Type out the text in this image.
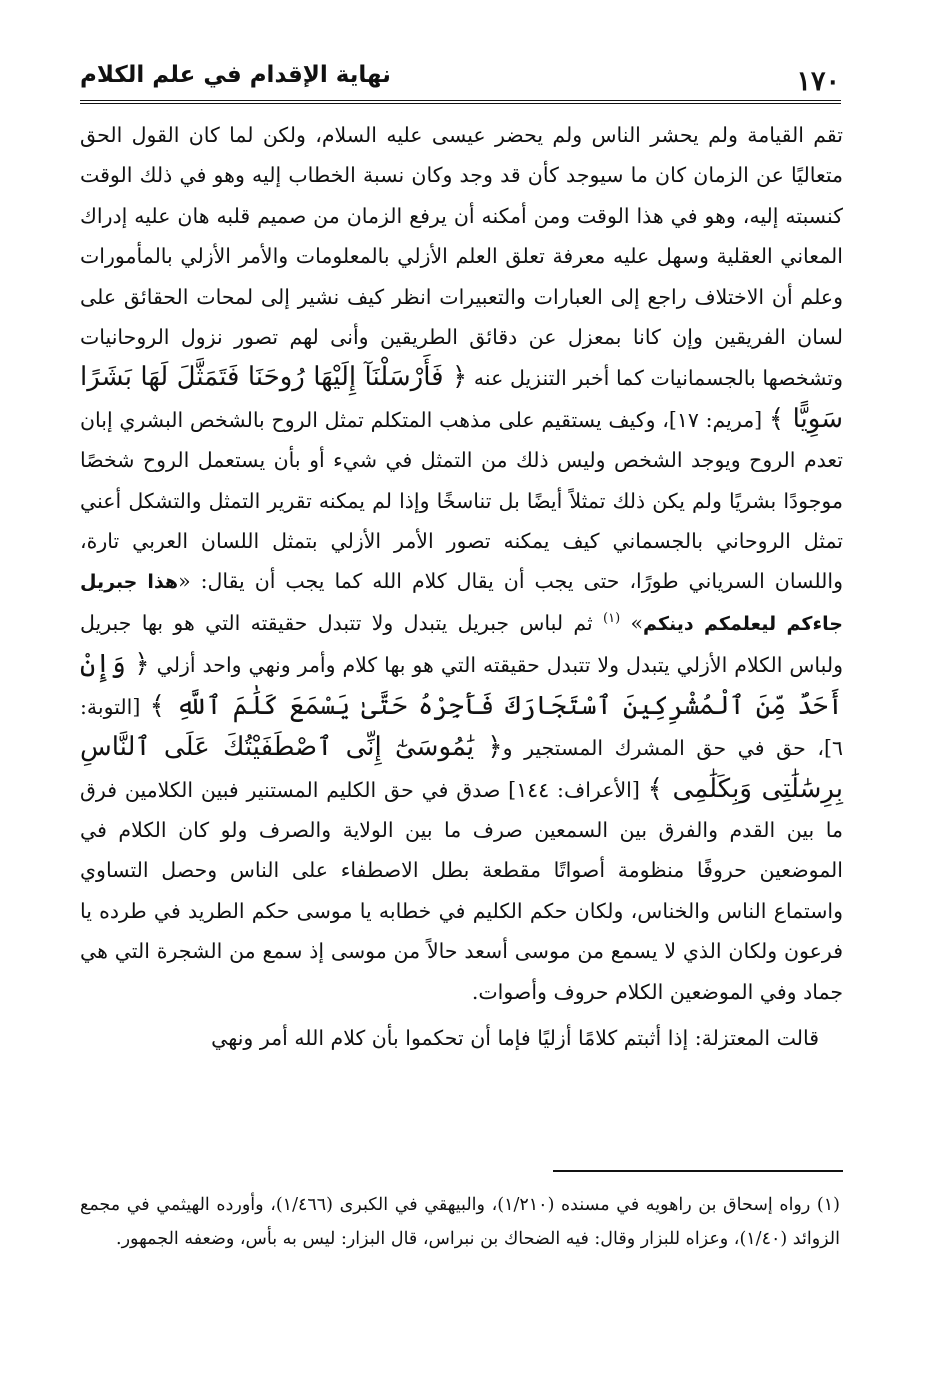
١٧٠
نهاية الإقدام في علم الكلام

تقم القيامة ولم يحشر الناس ولم يحضر عيسى عليه السلام، ولكن لما كان القول الحق متعاليًا عن الزمان كان ما سيوجد كأن قد وجد وكان نسبة الخطاب إليه وهو في ذلك الوقت كنسبته إليه، وهو في هذا الوقت ومن أمكنه أن يرفع الزمان من صميم قلبه هان عليه إدراك المعاني العقلية وسهل عليه معرفة تعلق العلم الأزلي بالمعلومات والأمر الأزلي بالمأمورات وعلم أن الاختلاف راجع إلى العبارات والتعبيرات انظر كيف نشير إلى لمحات الحقائق على لسان الفريقين وإن كانا بمعزل عن دقائق الطريقين وأنى لهم تصور نزول الروحانيات وتشخصها بالجسمانيات كما أخبر التنزيل عنه ﴿ فَأَرْسَلْنَآ إِلَيْهَا رُوحَنَا فَتَمَثَّلَ لَهَا بَشَرًا سَوِيًّا ﴾ [مريم: ١٧]، وكيف يستقيم على مذهب المتكلم تمثل الروح بالشخص البشري إبان تعدم الروح ويوجد الشخص وليس ذلك من التمثل في شيء أو بأن يستعمل الروح شخصًا موجودًا بشريًا ولم يكن ذلك تمثلاً أيضًا بل تناسخًا وإذا لم يمكنه تقرير التمثل والتشكل أعني تمثل الروحاني بالجسماني كيف يمكنه تصور الأمر الأزلي بتمثل اللسان العربي تارة، واللسان السرياني طورًا، حتى يجب أن يقال كلام الله كما يجب أن يقال: «هذا جبريل جاءكم ليعلمكم دينكم» $^{(١)}$ ثم لباس جبريل يتبدل ولا تتبدل حقيقته التي هو بها جبريل ولباس الكلام الأزلي يتبدل ولا تتبدل حقيقته التي هو بها كلام وأمر ونهي واحد أزلي ﴿ وَإِنْ أَحَدٌ مِّنَ ٱلْمُشْرِكِينَ ٱسْتَجَارَكَ فَأَجِرْهُ حَتَّىٰ يَسْمَعَ كَلَٰمَ ٱللَّهِ ﴾ [التوبة: ٦]، حق في حق المشرك المستجير و﴿ يَٰمُوسَىٰٓ إِنِّى ٱصْطَفَيْتُكَ عَلَى ٱلنَّاسِ بِرِسَٰلَٰتِى وَبِكَلَٰمِى ﴾ [الأعراف: ١٤٤] صدق في حق الكليم المستنير فبين الكلامين فرق ما بين القدم والفرق بين السمعين صرف ما بين الولاية والصرف ولو كان الكلام في الموضعين حروفًا منظومة أصواتًا مقطعة بطل الاصطفاء على الناس وحصل التساوي واستماع الناس والخناس، ولكان حكم الكليم في خطابه يا موسى حكم الطريد في طرده يا فرعون ولكان الذي لا يسمع من موسى أسعد حالاً من موسى إذ سمع من الشجرة التي هي جماد وفي الموضعين الكلام حروف وأصوات.

قالت المعتزلة: إذا أثبتم كلامًا أزليًا فإما أن تحكموا بأن كلام الله أمر ونهي

(١) رواه إسحاق بن راهويه في مسنده (١/٢١٠)، والبيهقي في الكبرى (١/٤٦٦)، وأورده الهيثمي في مجمع الزوائد (١/٤٠)، وعزاه للبزار وقال: فيه الضحاك بن نبراس، قال البزار: ليس به بأس، وضعفه الجمهور.
